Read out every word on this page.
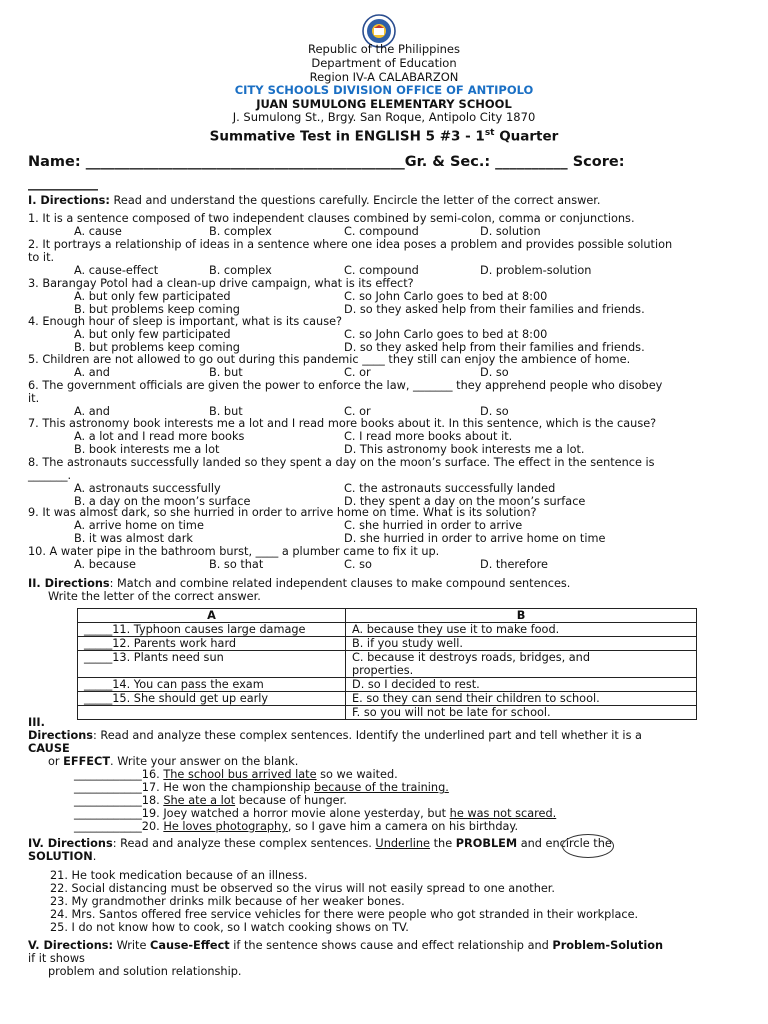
Republic of the Philippines
Department of Education
Region IV-A CALABARZON
CITY SCHOOLS DIVISION OFFICE OF ANTIPOLO
JUAN SUMULONG ELEMENTARY SCHOOL
J. Sumulong St., Brgy. San Roque, Antipolo City 1870
Summative Test in ENGLISH 5 #3 - 1st Quarter
Name: ____________________________________________Gr. & Sec.: __________ Score:
__________
I. Directions: Read and understand the questions carefully. Encircle the letter of the correct answer.
1. It is a sentence composed of two independent clauses combined by semi-colon, comma or conjunctions.
A. cause	B. complex	C. compound	D. solution
2. It portrays a relationship of ideas in a sentence where one idea poses a problem and provides possible solution
to it.
A. cause-effect	B. complex	C. compound	D. problem-solution
3. Barangay Potol had a clean-up drive campaign, what is its effect?
A. but only few participated	C. so John Carlo goes to bed at 8:00
B. but problems keep coming	D. so they asked help from their families and friends.
4. Enough hour of sleep is important, what is its cause?
A. but only few participated	C. so John Carlo goes to bed at 8:00
B. but problems keep coming	D. so they asked help from their families and friends.
5. Children are not allowed to go out during this pandemic ____ they still can enjoy the ambience of home.
A. and	B. but	C. or	D. so
6. The government officials are given the power to enforce the law, _______ they apprehend people who disobey
it.
A. and	B. but	C. or	D. so
7. This astronomy book interests me a lot and I read more books about it. In this sentence, which is the cause?
A. a lot and I read more books	C. I read more books about it.
B. book interests me a lot	D. This astronomy book interests me a lot.
8. The astronauts successfully landed so they spent a day on the moon’s surface. The effect in the sentence is
_______.
A. astronauts successfully	C. the astronauts successfully landed
B. a day on the moon’s surface	D. they spent a day on the moon’s surface
9. It was almost dark, so she hurried in order to arrive home on time. What is its solution?
A. arrive home on time	C. she hurried in order to arrive
B. it was almost dark	D. she hurried in order to arrive home on time
10. A water pipe in the bathroom burst, ____ a plumber came to fix it up.
A. because	B. so that	C. so	D. therefore
II. Directions: Match and combine related independent clauses to make compound sentences.
Write the letter of the correct answer.
A	B
_____11. Typhoon causes large damage	A. because they use it to make food.

_____12. Parents work hard	B. if you study well.

_____13. Plants need sun	C. because it destroys roads, bridges, and
properties.

_____14. You can pass the exam	D. so I decided to rest.

_____15. She should get up early	E. so they can send their children to school.

	F. so you will not be late for school.
III.
Directions: Read and analyze these complex sentences. Identify the underlined part and tell whether it is a
CAUSE
or EFFECT. Write your answer on the blank.
____________16. The school bus arrived late so we waited.
____________17. He won the championship because of the training.
____________18. She ate a lot because of hunger.
____________19. Joey watched a horror movie alone yesterday, but he was not scared.
____________20. He loves photography, so I gave him a camera on his birthday.
IV. Directions: Read and analyze these complex sentences. Underline the PROBLEM and encircle the
SOLUTION.
21. He took medication because of an illness.
22. Social distancing must be observed so the virus will not easily spread to one another.
23. My grandmother drinks milk because of her weaker bones.
24. Mrs. Santos offered free service vehicles for there were people who got stranded in their workplace.
25. I do not know how to cook, so I watch cooking shows on TV.
V. Directions: Write Cause-Effect if the sentence shows cause and effect relationship and Problem-Solution
if it shows
problem and solution relationship.
